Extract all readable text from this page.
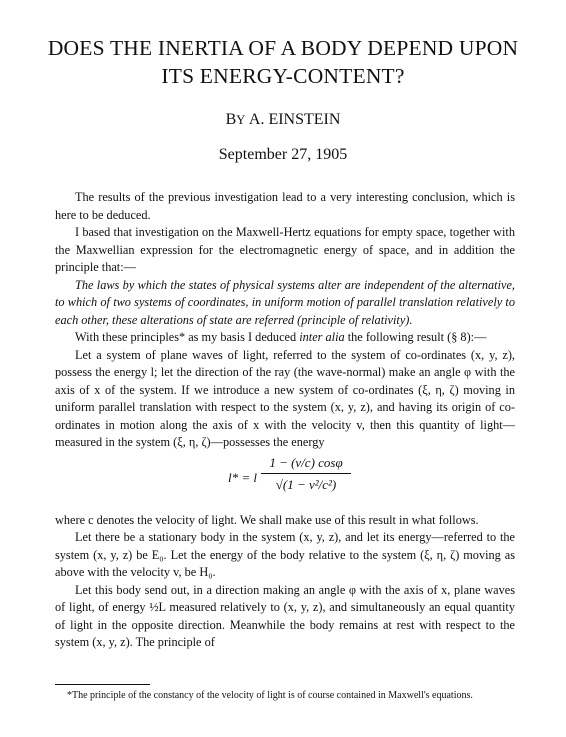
DOES THE INERTIA OF A BODY DEPEND UPON ITS ENERGY-CONTENT?
BY A. EINSTEIN
September 27, 1905

The results of the previous investigation lead to a very interesting conclusion, which is here to be deduced.

I based that investigation on the Maxwell-Hertz equations for empty space, together with the Maxwellian expression for the electromagnetic energy of space, and in addition the principle that:—

The laws by which the states of physical systems alter are independent of the alternative, to which of two systems of coordinates, in uniform motion of parallel translation relatively to each other, these alterations of state are referred (principle of relativity).

With these principles* as my basis I deduced inter alia the following result (§ 8):—

Let a system of plane waves of light, referred to the system of co-ordinates (x, y, z), possess the energy l; let the direction of the ray (the wave-normal) make an angle φ with the axis of x of the system. If we introduce a new system of co-ordinates (ξ, η, ζ) moving in uniform parallel translation with respect to the system (x, y, z), and having its origin of co-ordinates in motion along the axis of x with the velocity v, then this quantity of light—measured in the system (ξ, η, ζ)—possesses the energy

l* = l $\frac{1 - (v/c) \cos\varphi}{\text{√(1 − v²/c²)}}$

where c denotes the velocity of light. We shall make use of this result in what follows.

Let there be a stationary body in the system (x, y, z), and let its energy—referred to the system (x, y, z) be E₀. Let the energy of the body relative to the system (ξ, η, ζ) moving as above with the velocity v, be H₀.

Let this body send out, in a direction making an angle φ with the axis of x, plane waves of light, of energy ½L measured relatively to (x, y, z), and simultaneously an equal quantity of light in the opposite direction. Meanwhile the body remains at rest with respect to the system (x, y, z). The principle of

*The principle of the constancy of the velocity of light is of course contained in Maxwell's equations.
